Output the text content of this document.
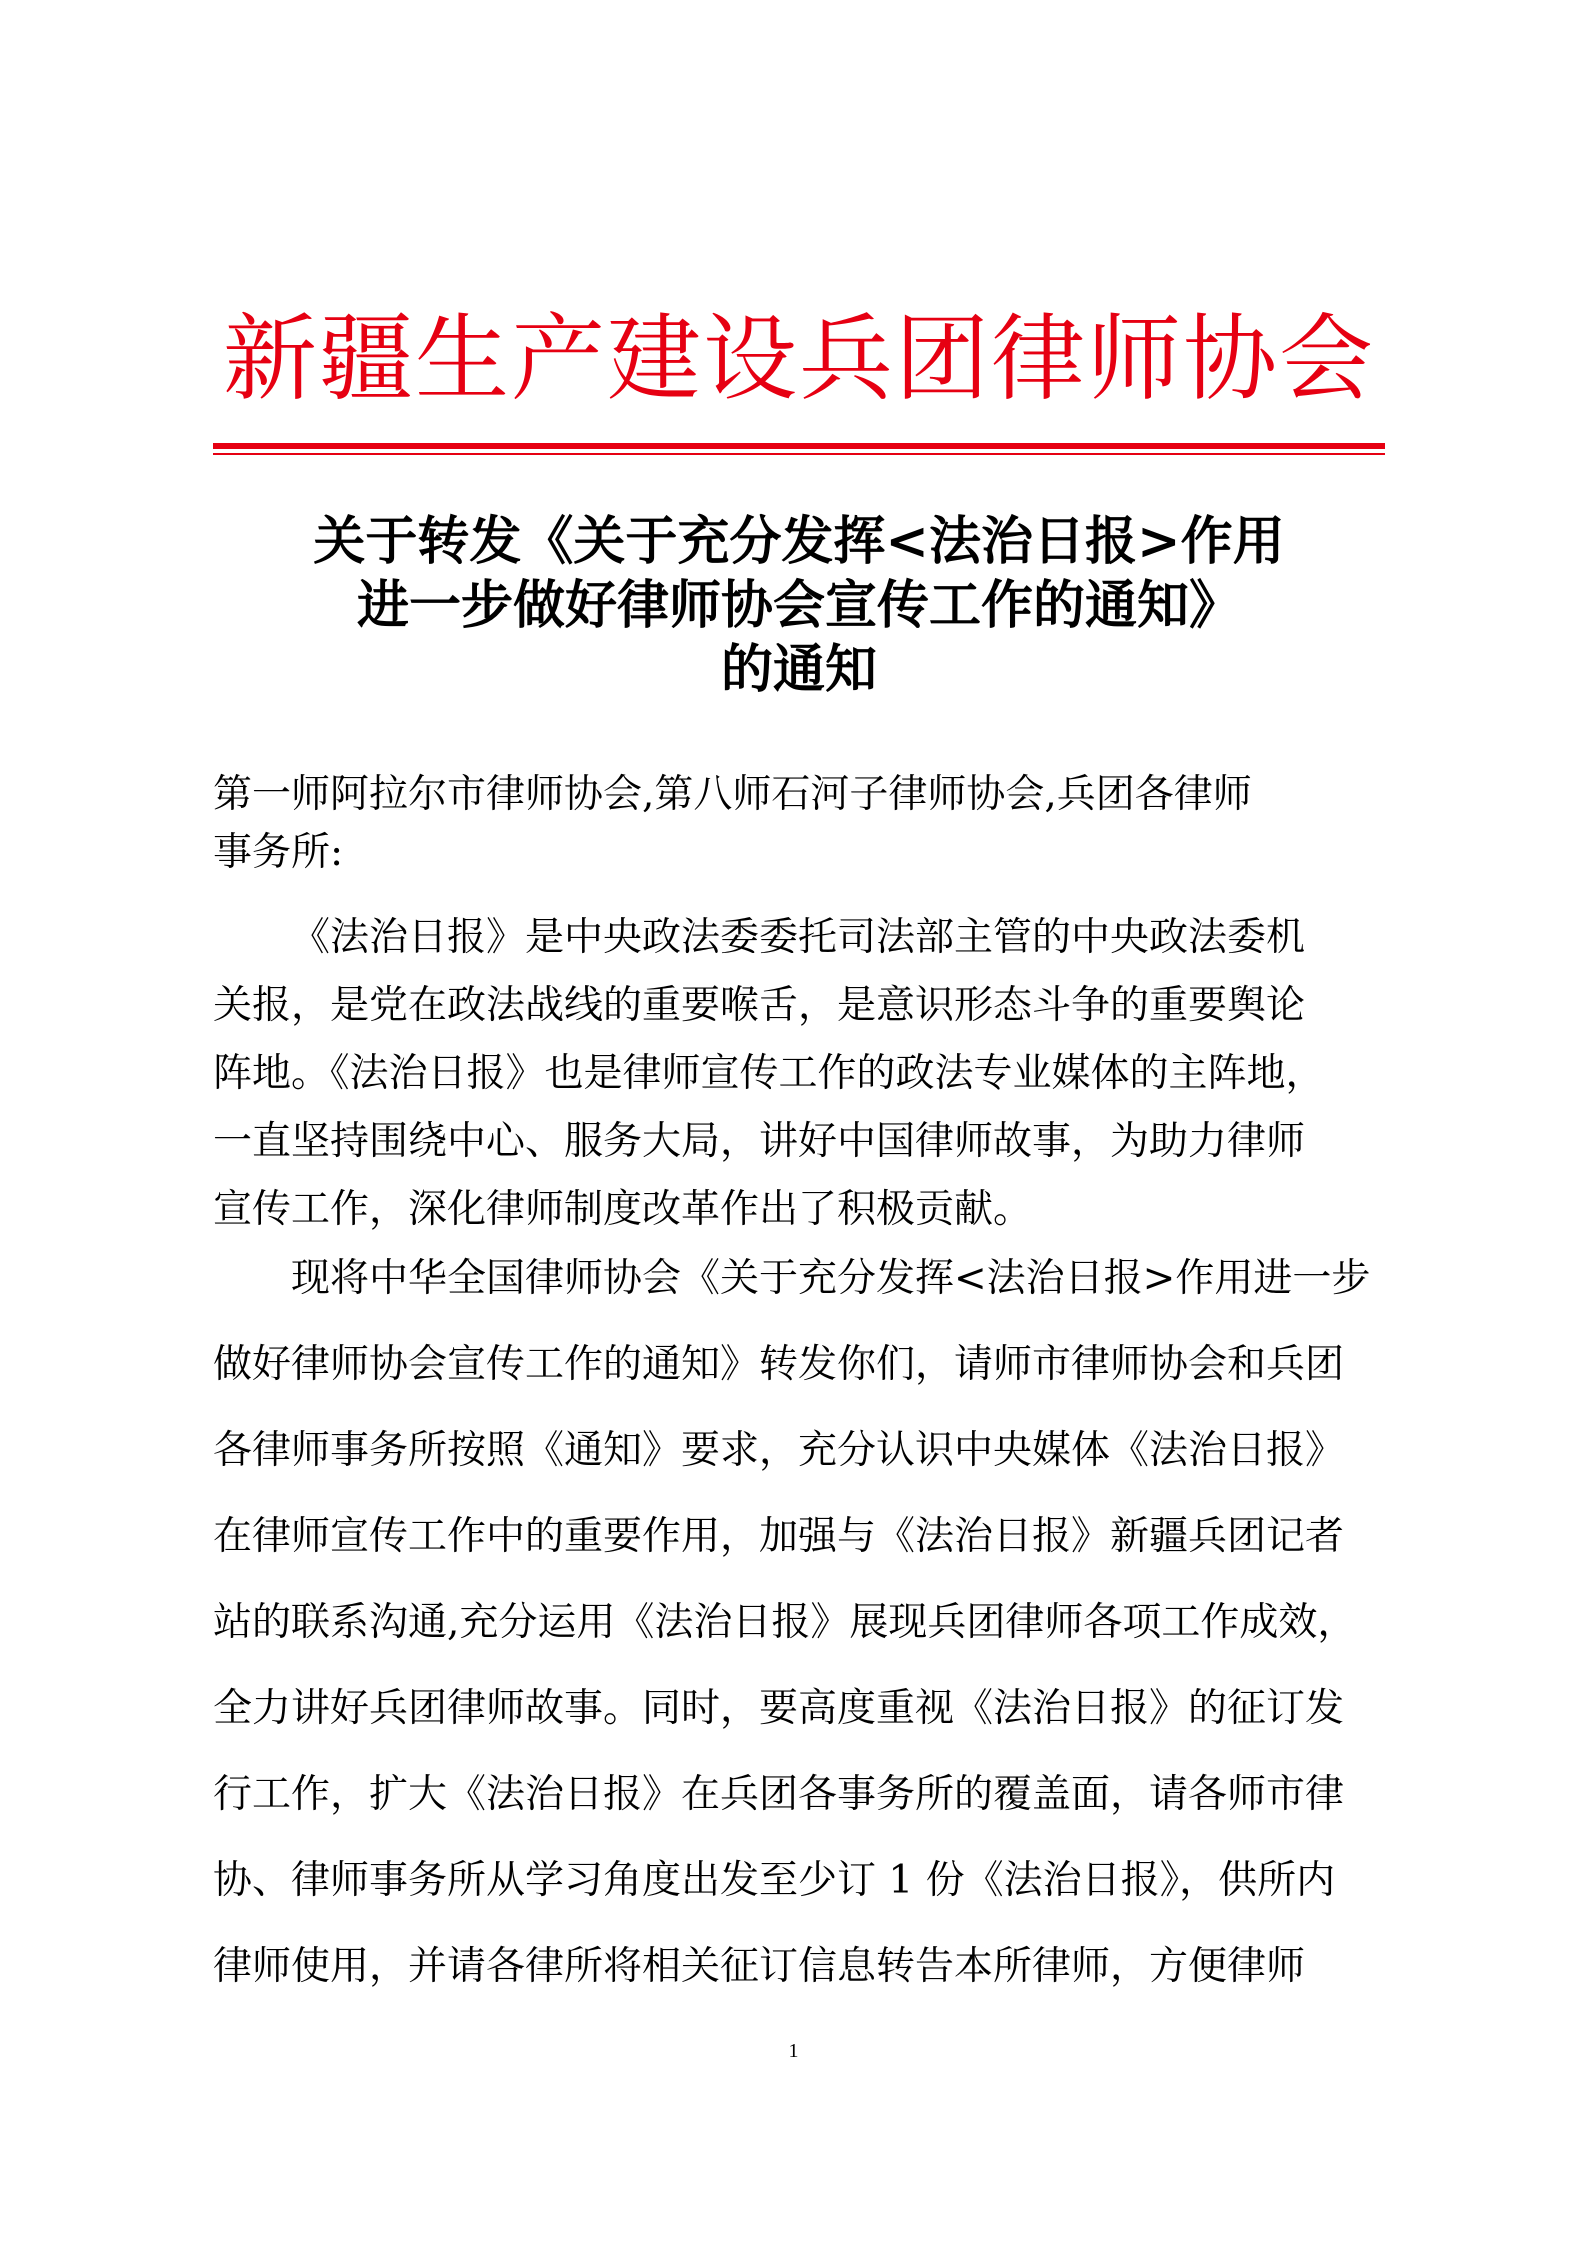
新疆生产建设兵团律师协会
关于转发《关于充分发挥<法治日报>作用
进一步做好律师协会宣传工作的通知》
的通知
第一师阿拉尔市律师协会,第八师石河子律师协会,兵团各律师
事务所:
《法治日报》是中央政法委委托司法部主管的中央政法委机
关报，是党在政法战线的重要喉舌，是意识形态斗争的重要舆论
阵地。《法治日报》也是律师宣传工作的政法专业媒体的主阵地，
一直坚持围绕中心、服务大局，讲好中国律师故事，为助力律师
宣传工作，深化律师制度改革作出了积极贡献。
现将中华全国律师协会《关于充分发挥<法治日报>作用进一步
做好律师协会宣传工作的通知》转发你们，请师市律师协会和兵团
各律师事务所按照《通知》要求，充分认识中央媒体《法治日报》
在律师宣传工作中的重要作用，加强与《法治日报》新疆兵团记者
站的联系沟通,充分运用《法治日报》展现兵团律师各项工作成效，
全力讲好兵团律师故事。同时，要高度重视《法治日报》的征订发
行工作，扩大《法治日报》在兵团各事务所的覆盖面，请各师市律
协、律师事务所从学习角度出发至少订 1 份《法治日报》，供所内
律师使用，并请各律所将相关征订信息转告本所律师，方便律师
1
